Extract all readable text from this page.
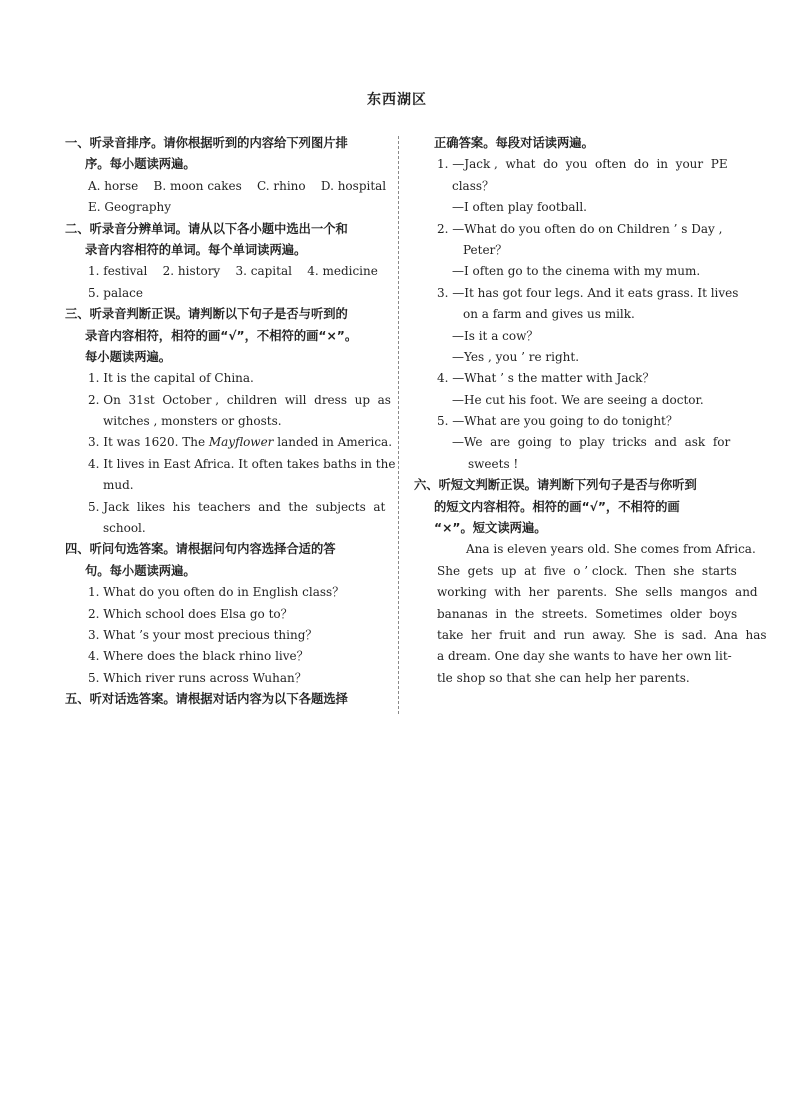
东西湖区
一、听录音排序。请你根据听到的内容给下列图片排
序。每小题读两遍。
A. horse    B. moon cakes    C. rhino    D. hospital
E. Geography
二、听录音分辨单词。请从以下各小题中选出一个和
录音内容相符的单词。每个单词读两遍。
1. festival    2. history    3. capital    4. medicine
5. palace
三、听录音判断正误。请判断以下句子是否与听到的
录音内容相符，相符的画“√”，不相符的画“×”。
每小题读两遍。
1. It is the capital of China.
2. On  31st  October ,  children  will  dress  up  as
witches , monsters or ghosts.
3. It was 1620. The Mayflower landed in America.
4. It lives in East Africa. It often takes baths in the
mud.
5. Jack  likes  his  teachers  and  the  subjects  at
school.
四、听问句选答案。请根据问句内容选择合适的答
句。每小题读两遍。
1. What do you often do in English class？
2. Which school does Elsa go to？
3. What ’s your most precious thing？
4. Where does the black rhino live？
5. Which river runs across Wuhan？
五、听对话选答案。请根据对话内容为以下各题选择
正确答案。每段对话读两遍。
1. —Jack ,  what  do  you  often  do  in  your  PE
class？
—I often play football.
2. —What do you often do on Children ’ s Day ,
Peter？
—I often go to the cinema with my mum.
3. —It has got four legs. And it eats grass. It lives
on a farm and gives us milk.
—Is it a cow？
—Yes , you ’ re right.
4. —What ’ s the matter with Jack？
—He cut his foot. We are seeing a doctor.
5. —What are you going to do tonight？
—We  are  going  to  play  tricks  and  ask  for
sweets !
六、听短文判断正误。请判断下列句子是否与你听到
的短文内容相符。相符的画“√”，不相符的画
“×”。短文读两遍。
Ana is eleven years old. She comes from Africa.
She  gets  up  at  five  o ’ clock.  Then  she  starts
working  with  her  parents.  She  sells  mangos  and
bananas  in  the  streets.  Sometimes  older  boys
take  her  fruit  and  run  away.  She  is  sad.  Ana  has
a dream. One day she wants to have her own lit-
tle shop so that she can help her parents.
